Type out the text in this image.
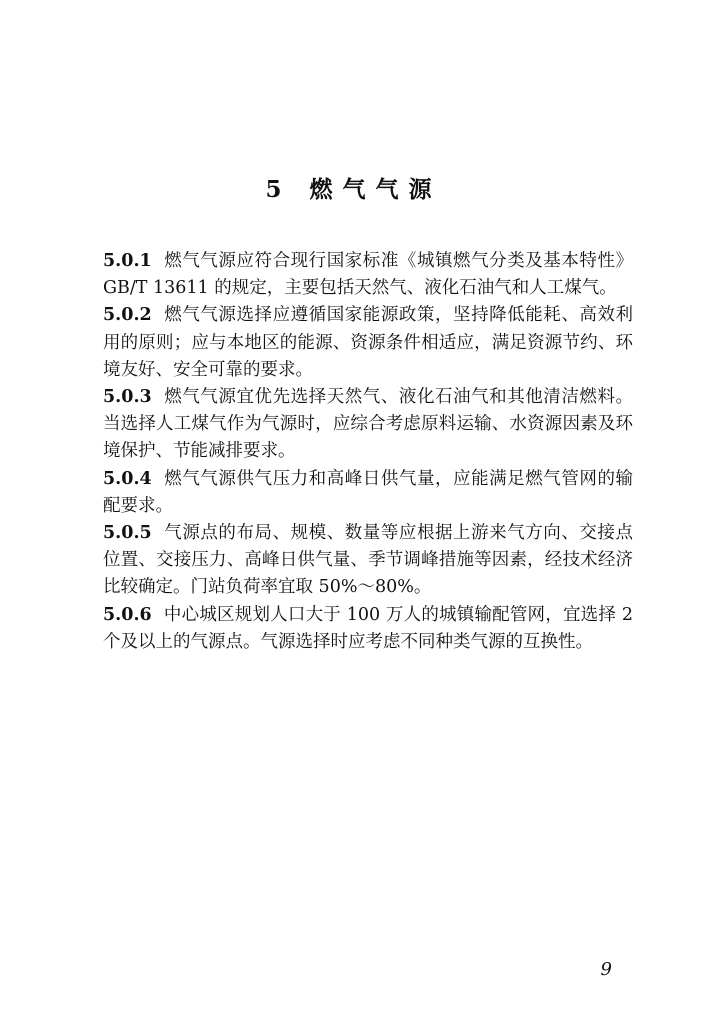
5 燃气气源

5.0.1 燃气气源应符合现行国家标准《城镇燃气分类及基本特性》GB/T 13611 的规定，主要包括天然气、液化石油气和人工煤气。

5.0.2 燃气气源选择应遵循国家能源政策，坚持降低能耗、高效利用的原则；应与本地区的能源、资源条件相适应，满足资源节约、环境友好、安全可靠的要求。

5.0.3 燃气气源宜优先选择天然气、液化石油气和其他清洁燃料。当选择人工煤气作为气源时，应综合考虑原料运输、水资源因素及环境保护、节能减排要求。

5.0.4 燃气气源供气压力和高峰日供气量，应能满足燃气管网的输配要求。

5.0.5 气源点的布局、规模、数量等应根据上游来气方向、交接点位置、交接压力、高峰日供气量、季节调峰措施等因素，经技术经济比较确定。门站负荷率宜取 50%～80%。

5.0.6 中心城区规划人口大于 100 万人的城镇输配管网，宜选择 2 个及以上的气源点。气源选择时应考虑不同种类气源的互换性。

9
